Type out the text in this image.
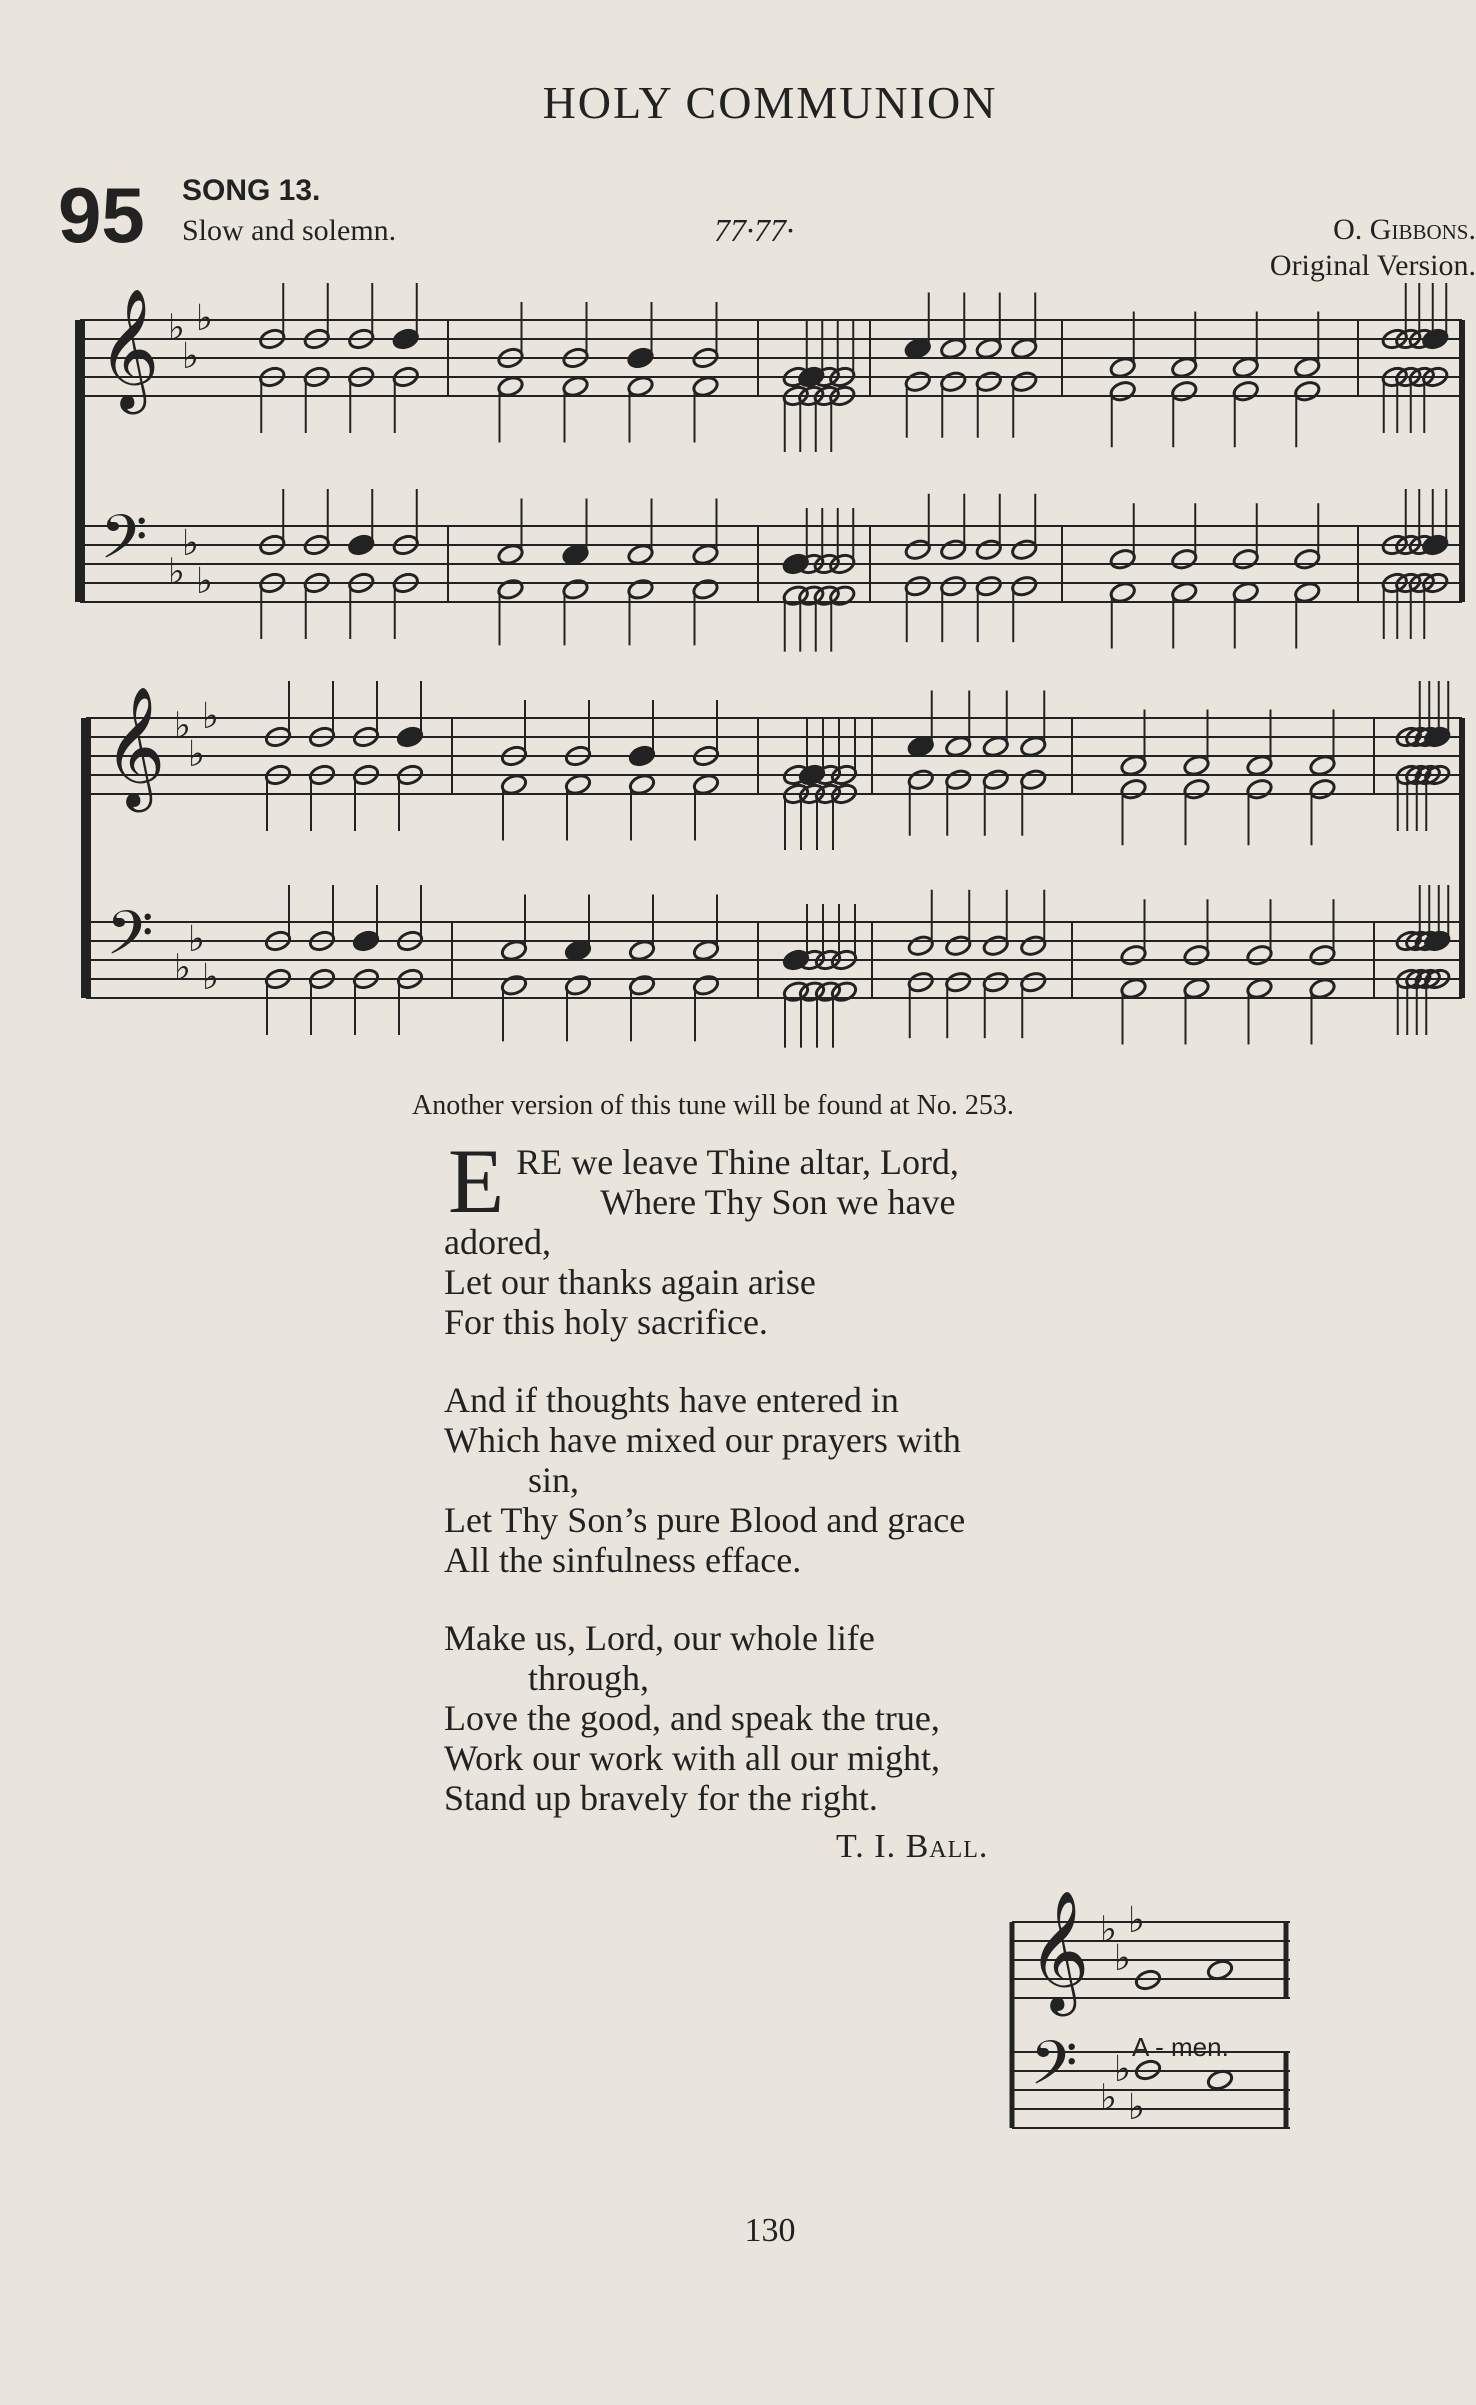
HOLY COMMUNION
95 SONG 13.
Slow and solemn.	77·77·	O. Gibbons.
Original Version.
𝄞
𝄢
♭
♭
♭
♭
♭
♭
𝄞
𝄢
♭
♭
♭
♭
♭
♭
𝄞
𝄢
♭
♭
♭
♭
♭
♭
Another version of this tune will be found at No. 253.
E RE we leave Thine altar, Lord,
Where Thy Son we have
adored,
Let our thanks again arise
For this holy sacrifice.
And if thoughts have entered in
Which have mixed our prayers with
sin,
Let Thy Son’s pure Blood and grace
All the sinfulness efface.
Make us, Lord, our whole life
through,
Love the good, and speak the true,
Work our work with all our might,
Stand up bravely for the right.
T. I. Ball.
A - men.
130
